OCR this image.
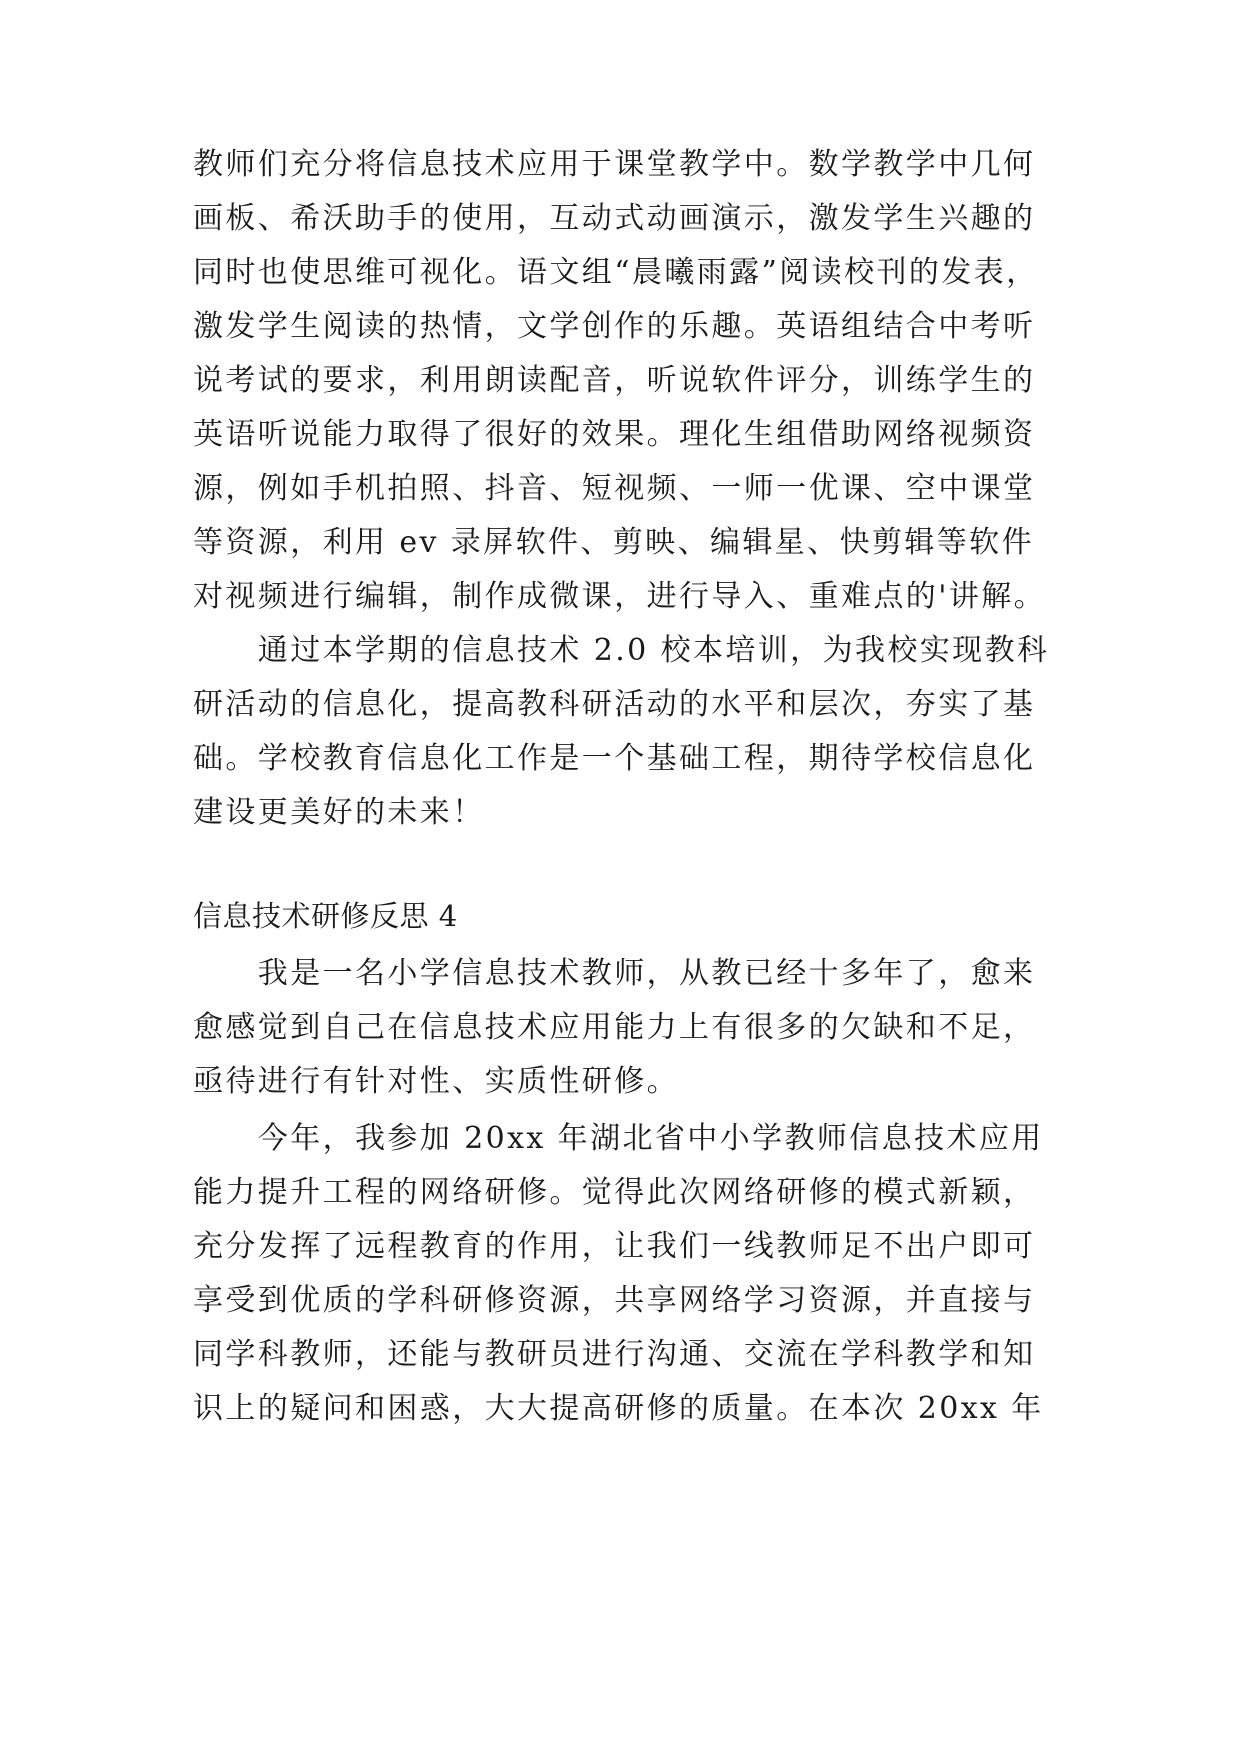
教师们充分将信息技术应用于课堂教学中。数学教学中几何
画板、希沃助手的使用，互动式动画演示，激发学生兴趣的
同时也使思维可视化。语文组“晨曦雨露”阅读校刊的发表，
激发学生阅读的热情，文学创作的乐趣。英语组结合中考听
说考试的要求，利用朗读配音，听说软件评分，训练学生的
英语听说能力取得了很好的效果。理化生组借助网络视频资
源，例如手机拍照、抖音、短视频、一师一优课、空中课堂
等资源，利用 ev 录屏软件、剪映、编辑星、快剪辑等软件
对视频进行编辑，制作成微课，进行导入、重难点的'讲解。
　　通过本学期的信息技术 2.0 校本培训，为我校实现教科
研活动的信息化，提高教科研活动的水平和层次，夯实了基
础。学校教育信息化工作是一个基础工程，期待学校信息化
建设更美好的未来！
信息技术研修反思 4
　　我是一名小学信息技术教师，从教已经十多年了，愈来
愈感觉到自己在信息技术应用能力上有很多的欠缺和不足，
亟待进行有针对性、实质性研修。
　　今年，我参加 20xx 年湖北省中小学教师信息技术应用
能力提升工程的网络研修。觉得此次网络研修的模式新颖，
充分发挥了远程教育的作用，让我们一线教师足不出户即可
享受到优质的学科研修资源，共享网络学习资源，并直接与
同学科教师，还能与教研员进行沟通、交流在学科教学和知
识上的疑问和困惑，大大提高研修的质量。在本次 20xx 年
